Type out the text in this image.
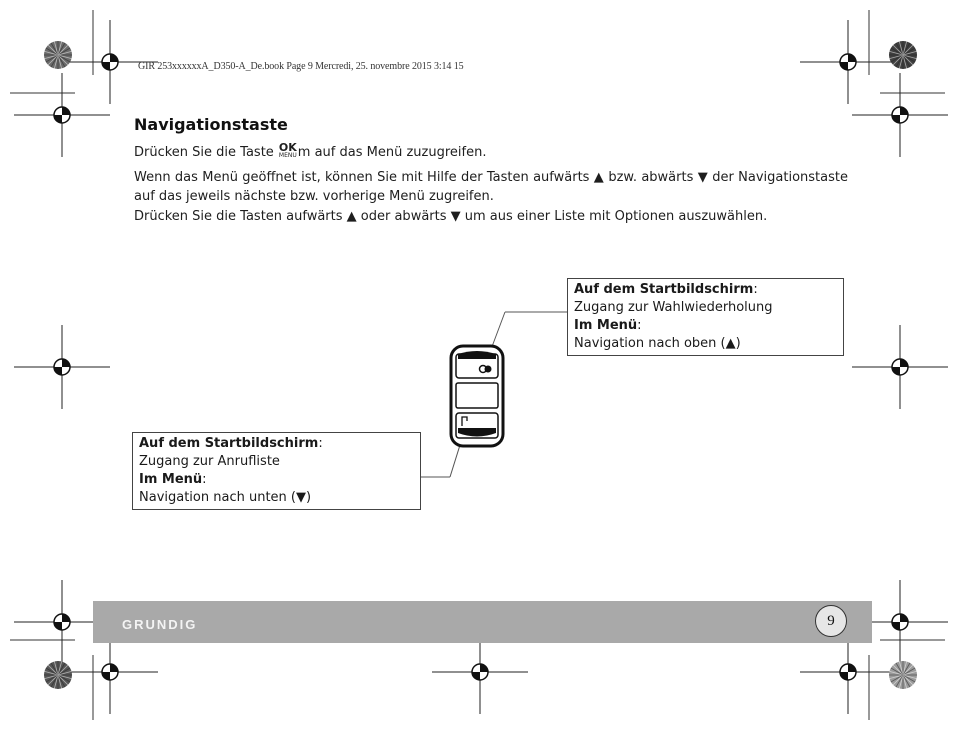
GIR 253xxxxxxA_D350-A_De.book Page 9 Mercredi, 25. novembre 2015 3:14 15
Navigationstaste
Drücken Sie die Taste OK
MENU m auf das Menü zuzugreifen.
Wenn das Menü geöffnet ist, können Sie mit Hilfe der Tasten aufwärts ▲ bzw. abwärts ▼ der Navigationstaste auf das jeweils nächste bzw. vorherige Menü zugreifen.
Drücken Sie die Tasten aufwärts ▲ oder abwärts ▼ um aus einer Liste mit Optionen auszuwählen.
Auf dem Startbildschirm:
Zugang zur Wahlwiederholung
Im Menü:
Navigation nach oben (▲)
Auf dem Startbildschirm:
Zugang zur Anrufliste
Im Menü:
Navigation nach unten (▼)
GRUNDIG	9
